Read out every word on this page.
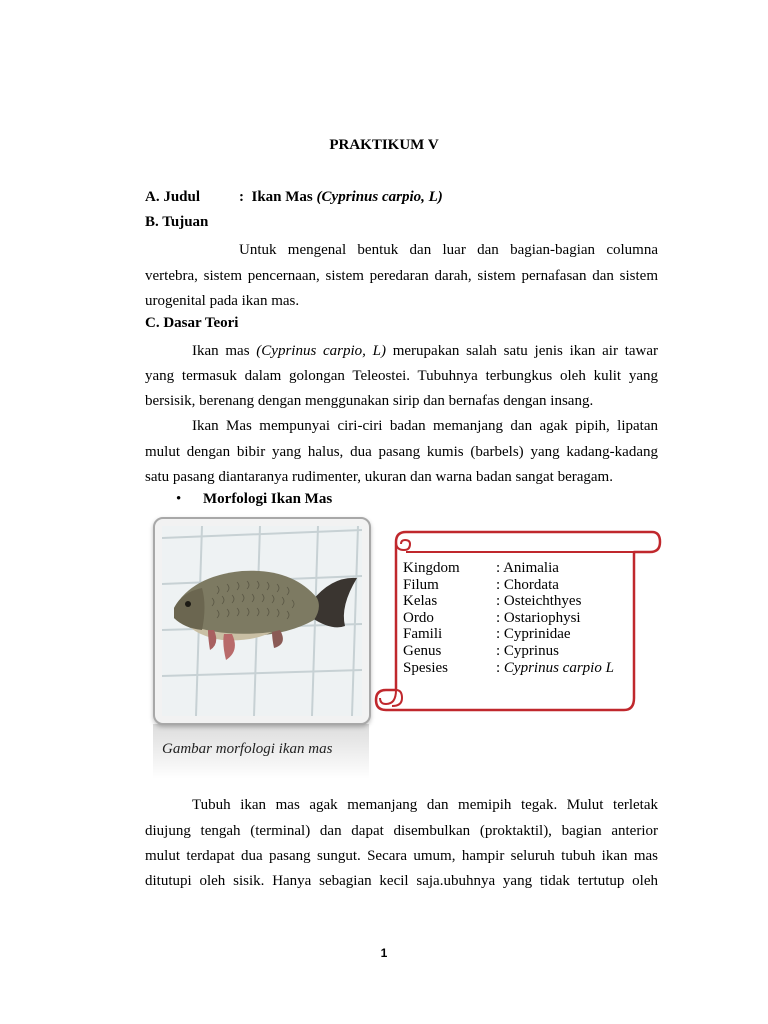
PRAKTIKUM V
A. Judul	: Ikan Mas (Cyprinus carpio, L)
B. Tujuan
Untuk mengenal bentuk dan luar dan bagian-bagian columna
vertebra, sistem pencernaan, sistem peredaran darah, sistem pernafasan dan sistem
urogenital pada ikan mas.
C. Dasar Teori
Ikan mas (Cyprinus carpio, L) merupakan salah satu jenis ikan air tawar
yang termasuk dalam golongan Teleostei. Tubuhnya terbungkus oleh kulit yang
bersisik, berenang dengan menggunakan sirip dan bernafas dengan insang.
Ikan Mas mempunyai ciri-ciri badan memanjang dan agak pipih, lipatan
mulut dengan bibir yang halus, dua pasang kumis (barbels) yang kadang-kadang
satu pasang diantaranya rudimenter, ukuran dan warna badan sangat beragam.
• Morfologi Ikan Mas
Gambar morfologi ikan mas
Kingdom : Animalia
Filum	: Chordata
Kelas	: Osteichthyes
Ordo	: Ostariophysi
Famili	: Cyprinidae
Genus	: Cyprinus
Spesies	: Cyprinus carpio L
Tubuh ikan mas agak memanjang dan memipih tegak. Mulut terletak
diujung tengah (terminal) dan dapat disembulkan (proktaktil), bagian anterior
mulut terdapat dua pasang sungut. Secara umum, hampir seluruh tubuh ikan mas
ditutupi oleh sisik. Hanya sebagian kecil saja.ubuhnya yang tidak tertutup oleh
1
